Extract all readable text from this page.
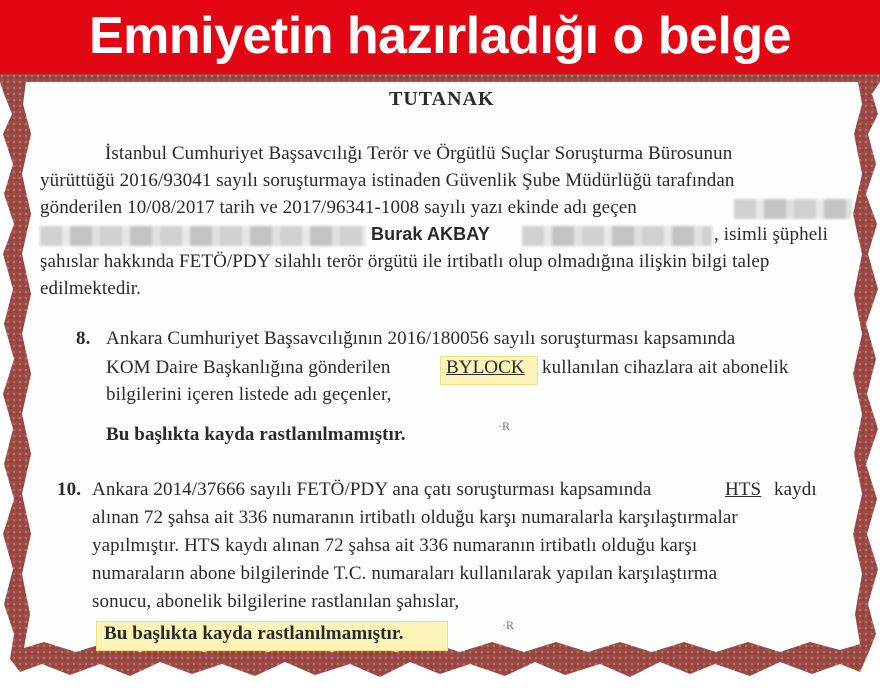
Emniyetin hazırladığı o belge
TUTANAK
İstanbul Cumhuriyet Başsavcılığı Terör ve Örgütlü Suçlar Soruşturma Bürosunun
yürüttüğü 2016/93041 sayılı soruşturmaya istinaden Güvenlik Şube Müdürlüğü tarafından
gönderilen 10/08/2017 tarih ve 2017/96341-1008 sayılı yazı ekinde adı geçen
Burak AKBAY	, isimli şüpheli
şahıslar hakkında FETÖ/PDY silahlı terör örgütü ile irtibatlı olup olmadığına ilişkin bilgi talep
edilmektedir.
8. Ankara Cumhuriyet Başsavcılığının 2016/180056 sayılı soruşturması kapsamında
KOM Daire Başkanlığına gönderilen	BYLOCK kullanılan cihazlara ait abonelik
bilgilerini içeren listede adı geçenler,
Bu başlıkta kayda rastlanılmamıştır.	·R
10. Ankara 2014/37666 sayılı FETÖ/PDY ana çatı soruşturması kapsamında	HTS kaydı
alınan 72 şahsa ait 336 numaranın irtibatlı olduğu karşı numaralarla karşılaştırmalar
yapılmıştır. HTS kaydı alınan 72 şahsa ait 336 numaranın irtibatlı olduğu karşı
numaraların abone bilgilerinde T.C. numaraları kullanılarak yapılan karşılaştırma
sonucu, abonelik bilgilerine rastlanılan şahıslar,
Bu başlıkta kayda rastlanılmamıştır.	·R
